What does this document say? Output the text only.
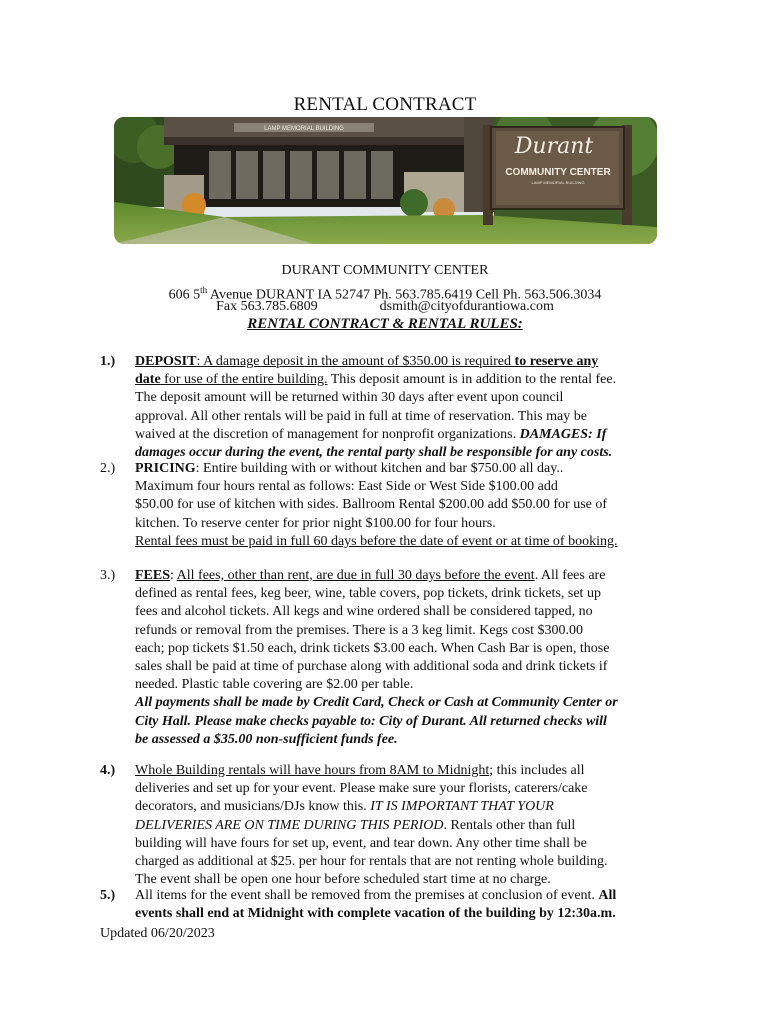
RENTAL CONTRACT
LAMP MEMORIAL BUILDING
Durant
COMMUNITY CENTER
LAMP MEMORIAL BUILDING
DURANT COMMUNITY CENTER
606 5th Avenue DURANT IA 52747 Ph. 563.785.6419 Cell Ph. 563.506.3034
Fax 563.785.6809	dsmith@cityofdurantiowa.com
RENTAL CONTRACT & RENTAL RULES:
1.)	DEPOSIT: A damage deposit in the amount of $350.00 is required to reserve any
date for use of the entire building. This deposit amount is in addition to the rental fee.
The deposit amount will be returned within 30 days after event upon council
approval. All other rentals will be paid in full at time of reservation. This may be
waived at the discretion of management for nonprofit organizations. DAMAGES: If
damages occur during the event, the rental party shall be responsible for any costs.
2.)	PRICING: Entire building with or without kitchen and bar $750.00 all day..
Maximum four hours rental as follows: East Side or West Side $100.00 add
$50.00 for use of kitchen with sides. Ballroom Rental $200.00 add $50.00 for use of
kitchen. To reserve center for prior night $100.00 for four hours.
Rental fees must be paid in full 60 days before the date of event or at time of booking.
3.)	FEES: All fees, other than rent, are due in full 30 days before the event. All fees are
defined as rental fees, keg beer, wine, table covers, pop tickets, drink tickets, set up
fees and alcohol tickets. All kegs and wine ordered shall be considered tapped, no
refunds or removal from the premises. There is a 3 keg limit. Kegs cost $300.00
each; pop tickets $1.50 each, drink tickets $3.00 each. When Cash Bar is open, those
sales shall be paid at time of purchase along with additional soda and drink tickets if
needed. Plastic table covering are $2.00 per table.
All payments shall be made by Credit Card, Check or Cash at Community Center or
City Hall. Please make checks payable to: City of Durant. All returned checks will
be assessed a $35.00 non-sufficient funds fee.
4.)	Whole Building rentals will have hours from 8AM to Midnight; this includes all
deliveries and set up for your event. Please make sure your florists, caterers/cake
decorators, and musicians/DJs know this. IT IS IMPORTANT THAT YOUR
DELIVERIES ARE ON TIME DURING THIS PERIOD. Rentals other than full
building will have fours for set up, event, and tear down. Any other time shall be
charged as additional at $25. per hour for rentals that are not renting whole building.
The event shall be open one hour before scheduled start time at no charge.
5.)	All items for the event shall be removed from the premises at conclusion of event. All
events shall end at Midnight with complete vacation of the building by 12:30a.m.
Updated 06/20/2023
